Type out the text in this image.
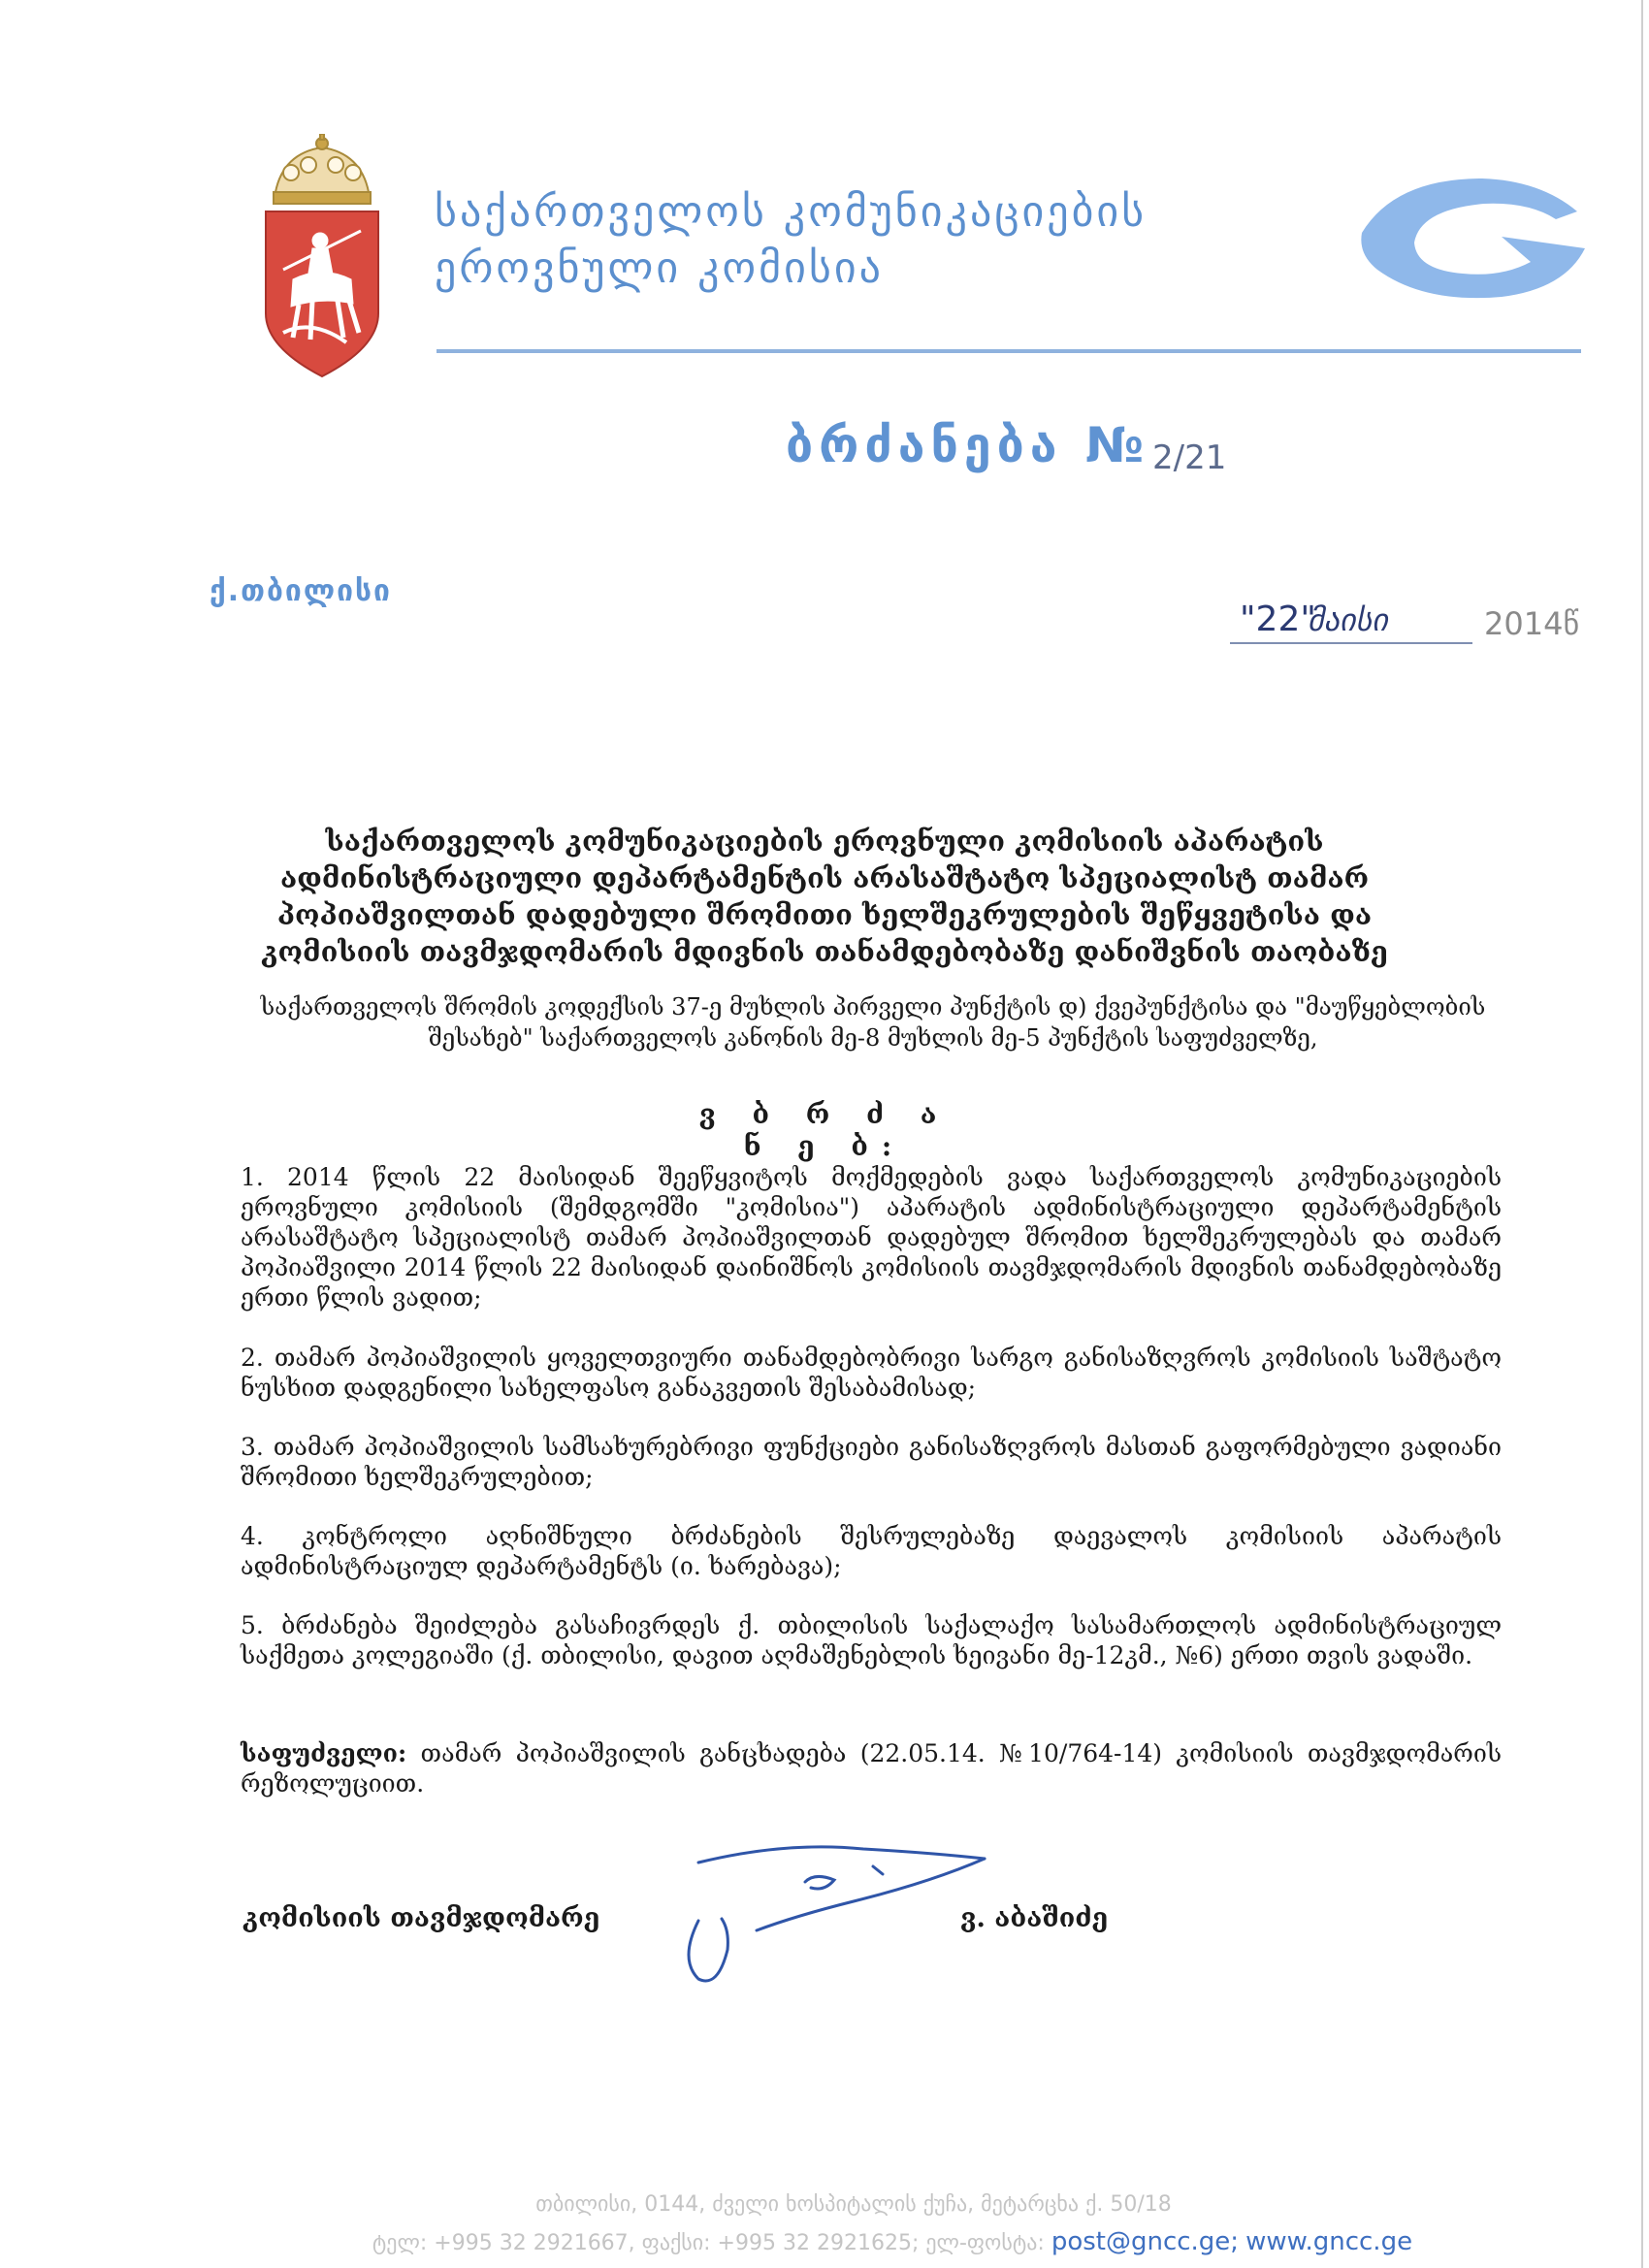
საქართველოს კომუნიკაციების
ეროვნული კომისია
ბრძანება № 2/21
ქ.თბილისი
"22"
მაისი	2014წ
საქართველოს კომუნიკაციების ეროვნული კომისიის აპარატის ადმინისტრაციული დეპარტამენტის არასაშტატო სპეციალისტ თამარ პოპიაშვილთან დადებული შრომითი ხელშეკრულების შეწყვეტისა და კომისიის თავმჯდომარის მდივნის თანამდებობაზე დანიშვნის თაობაზე
საქართველოს შრომის კოდექსის 37-ე მუხლის პირველი პუნქტის დ) ქვეპუნქტისა და "მაუწყებლობის შესახებ" საქართველოს კანონის მე-8 მუხლის მე-5 პუნქტის საფუძველზე,
ვ ბ რ ძ ა ნ ე ბ:
1. 2014 წლის 22 მაისიდან შეეწყვიტოს მოქმედების ვადა საქართველოს კომუნიკაციების ეროვნული კომისიის (შემდგომში "კომისია") აპარატის ადმინისტრაციული დეპარტამენტის არასაშტატო სპეციალისტ თამარ პოპიაშვილთან დადებულ შრომით ხელშეკრულებას და თამარ პოპიაშვილი 2014 წლის 22 მაისიდან დაინიშნოს კომისიის თავმჯდომარის მდივნის თანამდებობაზე ერთი წლის ვადით;
2. თამარ პოპიაშვილის ყოველთვიური თანამდებობრივი სარგო განისაზღვროს კომისიის საშტატო ნუსხით დადგენილი სახელფასო განაკვეთის შესაბამისად;
3. თამარ პოპიაშვილის სამსახურებრივი ფუნქციები განისაზღვროს მასთან გაფორმებული ვადიანი შრომითი ხელშეკრულებით;
4. კონტროლი აღნიშნული ბრძანების შესრულებაზე დაევალოს კომისიის აპარატის ადმინისტრაციულ დეპარტამენტს (ი. ხარებავა);
5. ბრძანება შეიძლება გასაჩივრდეს ქ. თბილისის საქალაქო სასამართლოს ადმინისტრაციულ საქმეთა კოლეგიაში (ქ. თბილისი, დავით აღმაშენებლის ხეივანი მე-12კმ., №6) ერთი თვის ვადაში.
საფუძველი: თამარ პოპიაშვილის განცხადება (22.05.14. №10/764-14) კომისიის თავმჯდომარის რეზოლუციით.
კომისიის თავმჯდომარე	ვ. აბაშიძე
თბილისი, 0144, ძველი ხოსპიტალის ქუჩა, მეტარცხა ქ. 50/18
ტელ: +995 32 2921667, ფაქსი: +995 32 2921625; ელ-ფოსტა: post@gncc.ge; www.gncc.ge
